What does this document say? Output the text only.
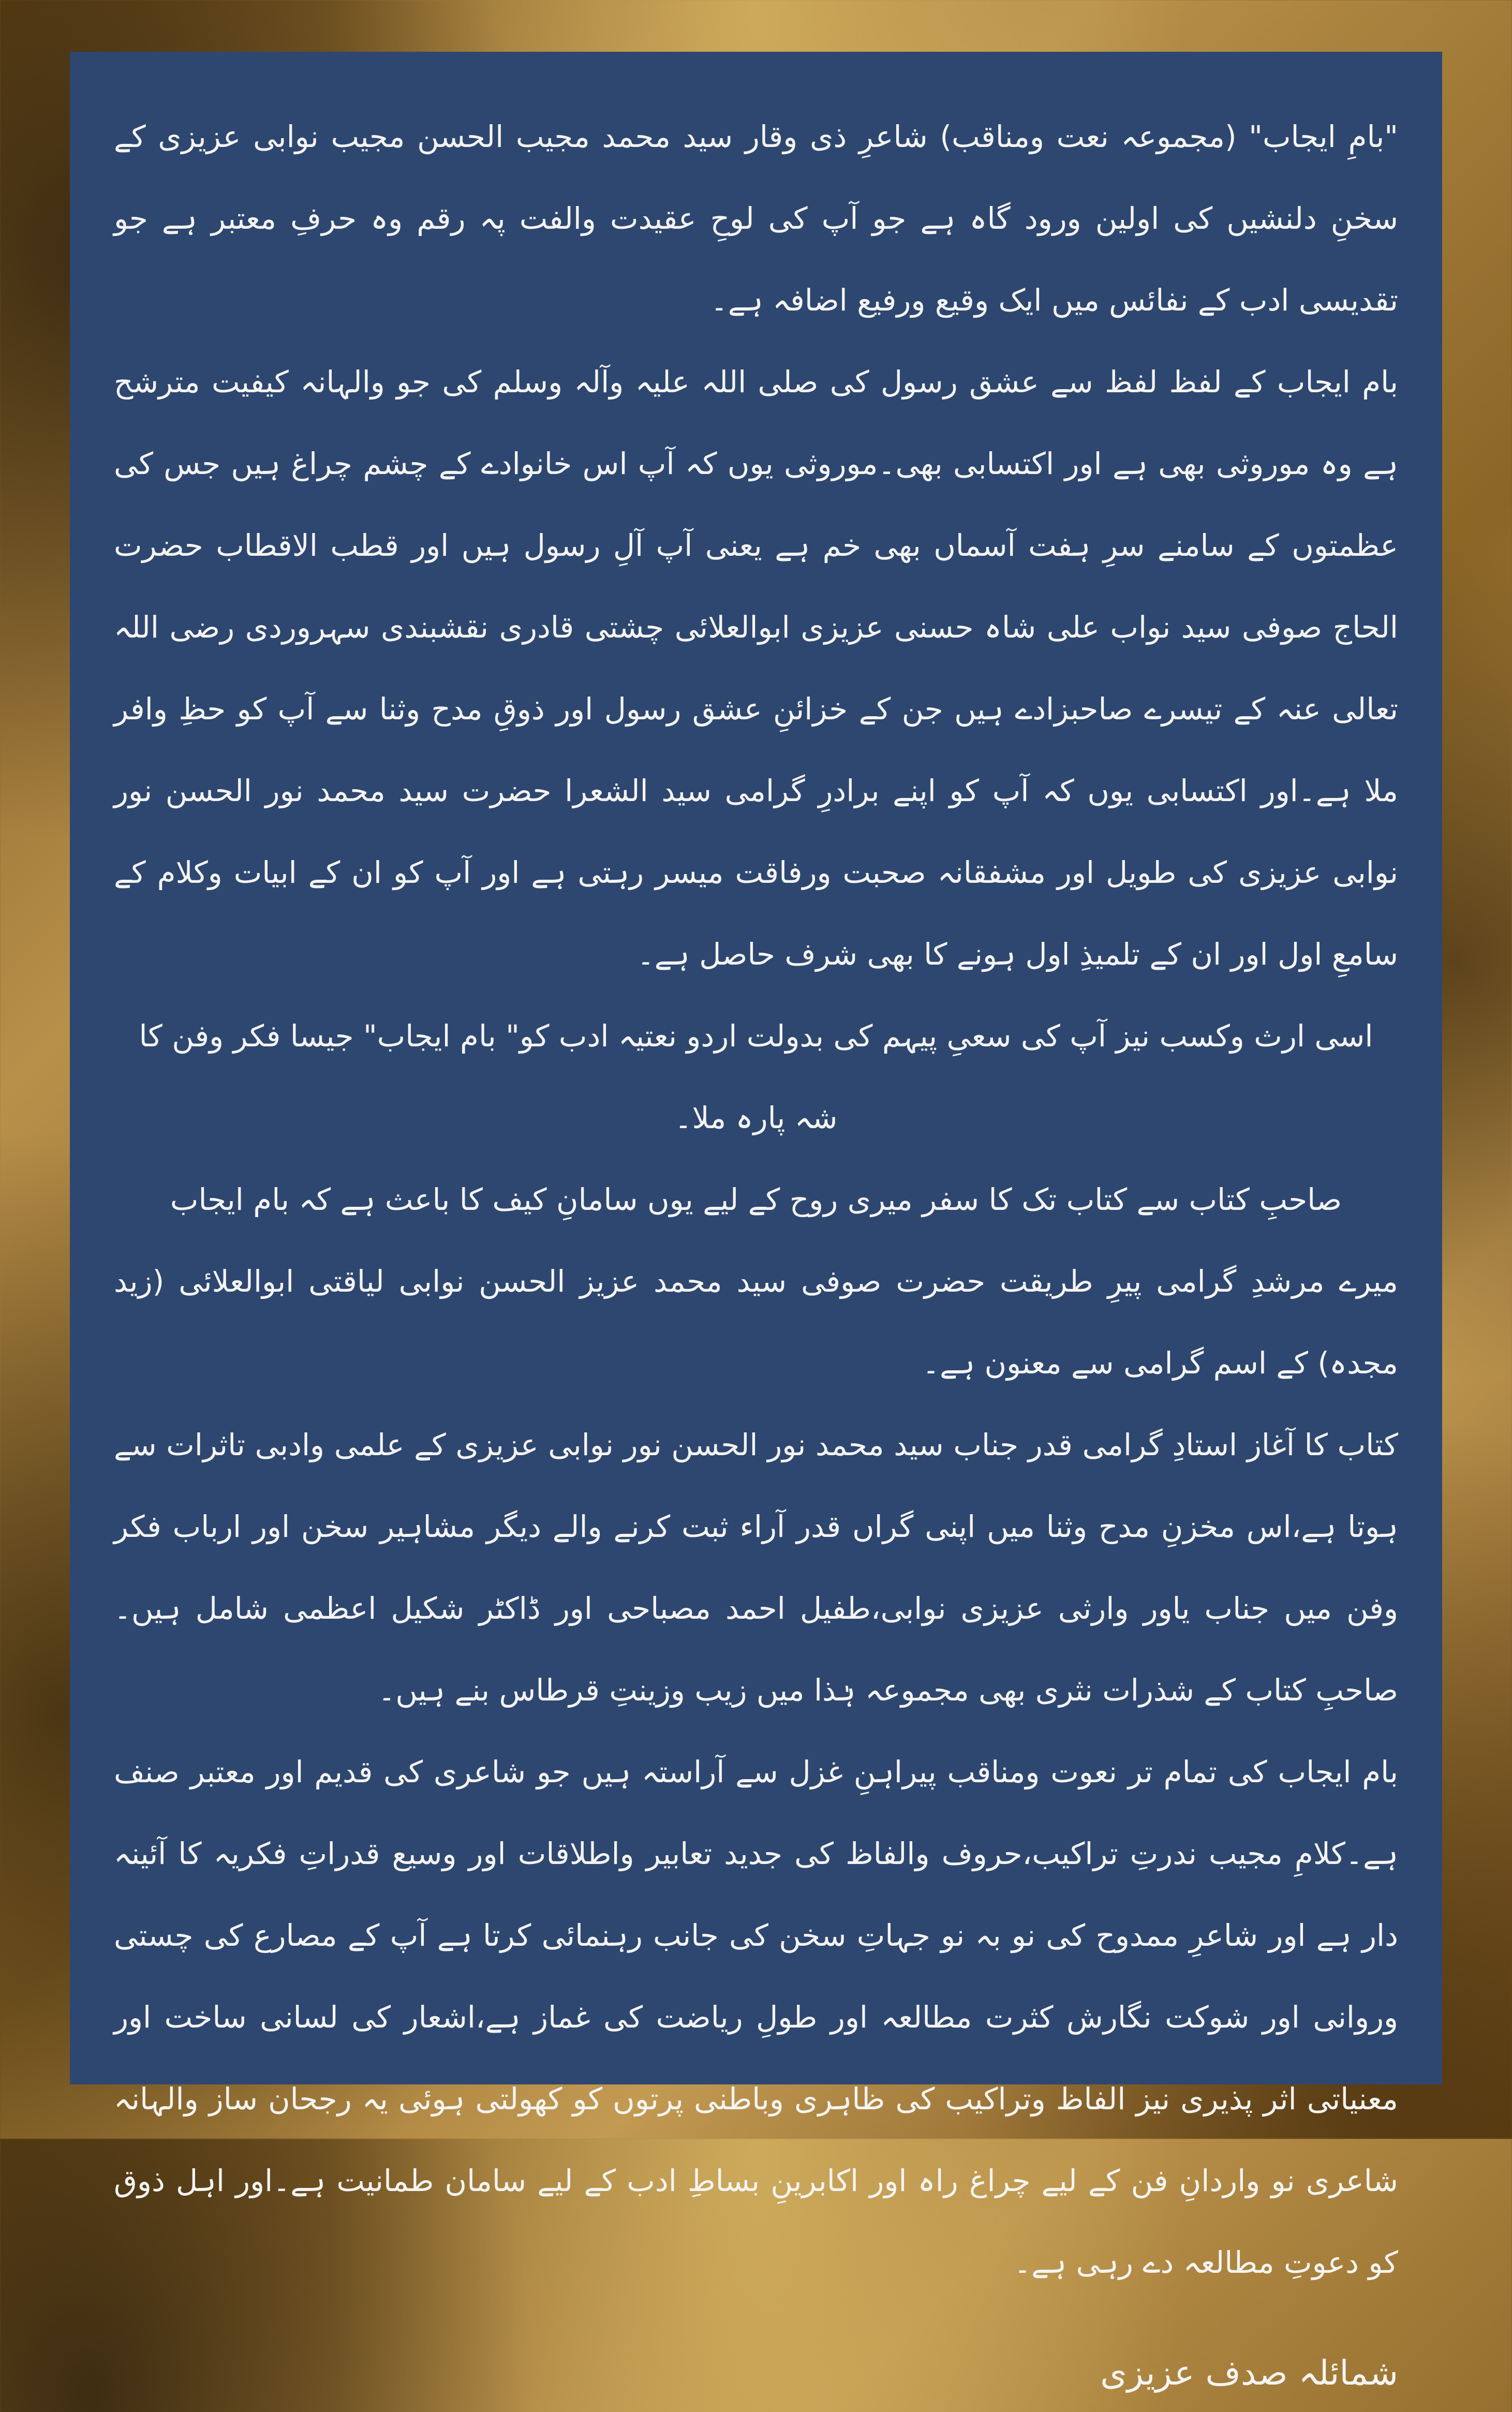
"بامِ ایجاب" (مجموعہ نعت ومناقب) شاعرِ ذی وقار سید محمد مجیب الحسن مجیب نوابی عزیزی کے سخنِ دلنشیں کی اولین ورود گاہ ہے جو آپ کی لوحِ عقیدت والفت پہ رقم وہ حرفِ معتبر ہے جو تقدیسی ادب کے نفائس میں ایک وقیع ورفیع اضافہ ہے۔

بام ایجاب کے لفظ لفظ سے عشق رسول کی صلی اللہ علیہ وآلہ وسلم کی جو والہانہ کیفیت مترشح ہے وہ موروثی بھی ہے اور اکتسابی بھی۔موروثی یوں کہ آپ اس خانوادے کے چشم چراغ ہیں جس کی عظمتوں کے سامنے سرِ ہفت آسماں بھی خم ہے یعنی آپ آلِ رسول ہیں اور قطب الاقطاب حضرت الحاج صوفی سید نواب علی شاہ حسنی عزیزی ابوالعلائی چشتی قادری نقشبندی سہروردی رضی اللہ تعالی عنہ کے تیسرے صاحبزادے ہیں جن کے خزائنِ عشق رسول اور ذوقِ مدح وثنا سے آپ کو حظِ وافر ملا ہے۔اور اکتسابی یوں کہ آپ کو اپنے برادرِ گرامی سید الشعرا حضرت سید محمد نور الحسن نور نوابی عزیزی کی طویل اور مشفقانہ صحبت ورفاقت میسر رہتی ہے اور آپ کو ان کے ابیات وکلام کے سامعِ اول اور ان کے تلمیذِ اول ہونے کا بھی شرف حاصل ہے۔

اسی ارث وکسب نیز آپ کی سعیِ پیہم کی بدولت اردو نعتیہ ادب کو" بام ایجاب" جیسا فکر وفن کا شہ پارہ ملا۔

صاحبِ کتاب سے کتاب تک کا سفر میری روح کے لیے یوں سامانِ کیف کا باعث ہے کہ بام ایجاب

میرے مرشدِ گرامی پیرِ طریقت حضرت صوفی سید محمد عزیز الحسن نوابی لیاقتی ابوالعلائی (زید مجدہ) کے اسم گرامی سے معنون ہے۔

کتاب کا آغاز استادِ گرامی قدر جناب سید محمد نور الحسن نور نوابی عزیزی کے علمی وادبی تاثرات سے ہوتا ہے،اس مخزنِ مدح وثنا میں اپنی گراں قدر آراء ثبت کرنے والے دیگر مشاہیر سخن اور ارباب فکر وفن میں جناب یاور وارثی عزیزی نوابی،طفیل احمد مصباحی اور ڈاکٹر شکیل اعظمی شامل ہیں۔صاحبِ کتاب کے شذرات نثری بھی مجموعہ ہٰذا میں زیب وزینتِ قرطاس بنے ہیں۔

بام ایجاب کی تمام تر نعوت ومناقب پیراہنِ غزل سے آراستہ ہیں جو شاعری کی قدیم اور معتبر صنف ہے۔کلامِ مجیب ندرتِ تراکیب،حروف والفاظ کی جدید تعابیر واطلاقات اور وسیع قدراتِ فکریہ کا آئینہ دار ہے اور شاعرِ ممدوح کی نو بہ نو جہاتِ سخن کی جانب رہنمائی کرتا ہے آپ کے مصارع کی چستی وروانی اور شوکت نگارش کثرت مطالعہ اور طولِ ریاضت کی غماز ہے،اشعار کی لسانی ساخت اور معنیاتی اثر پذیری نیز الفاظ وتراکیب کی ظاہری وباطنی پرتوں کو کھولتی ہوئی یہ رجحان ساز والہانہ شاعری نو واردانِ فن کے لیے چراغ راہ اور اکابرینِ بساطِ ادب کے لیے سامان طمانیت ہے۔اور اہل ذوق کو دعوتِ مطالعہ دے رہی ہے۔

شمائلہ صدف عزیزی
